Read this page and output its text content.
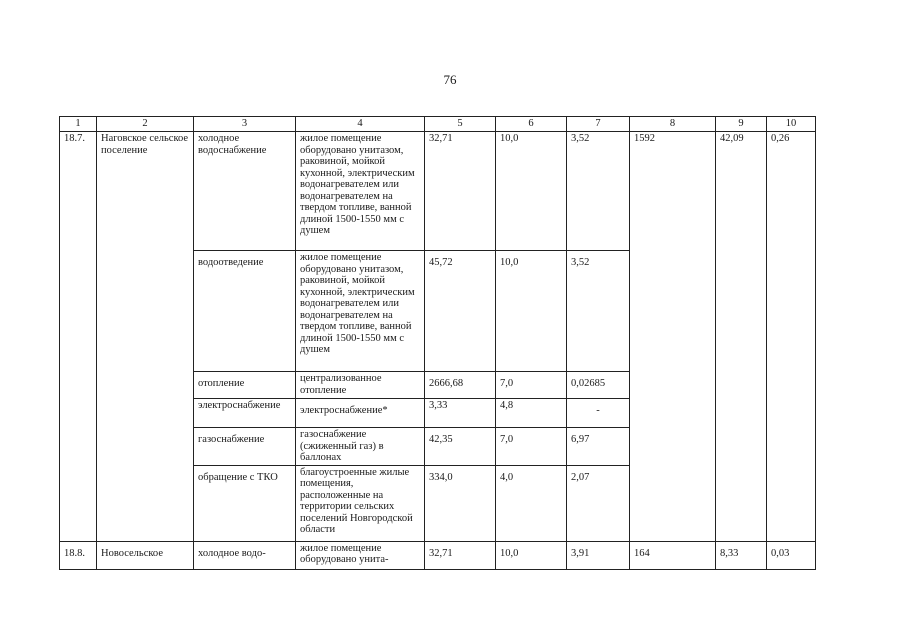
76
1	2	3	4	5	6	7	8	9	10
18.7.	Наговское сельское поселение	холодное водоснабжение	жилое помещение оборудовано унитазом, раковиной, мойкой кухонной, электрическим водонагревателем или водонагревателем на твердом топливе, ванной длиной 1500-1550 мм с душем	32,71	10,0	3,52	1592	42,09	0,26
		водоотведение	жилое помещение оборудовано унитазом, раковиной, мойкой кухонной, электрическим водонагревателем или водонагревателем на твердом топливе, ванной длиной 1500-1550 мм с душем	45,72	10,0	3,52			
		отопление	централизованное отопление	2666,68	7,0	0,02685			
		электроснабжение	электроснабжение*	3,33	4,8	-			
		газоснабжение	газоснабжение (сжиженный газ) в баллонах	42,35	7,0	6,97			
		обращение с ТКО	благоустроенные жилые помещения, расположенные на территории сельских поселений Новгородской области	334,0	4,0	2,07			
18.8.	Новосельское	холодное водо-	жилое помещение оборудовано унита-	32,71	10,0	3,91	164	8,33	0,03
